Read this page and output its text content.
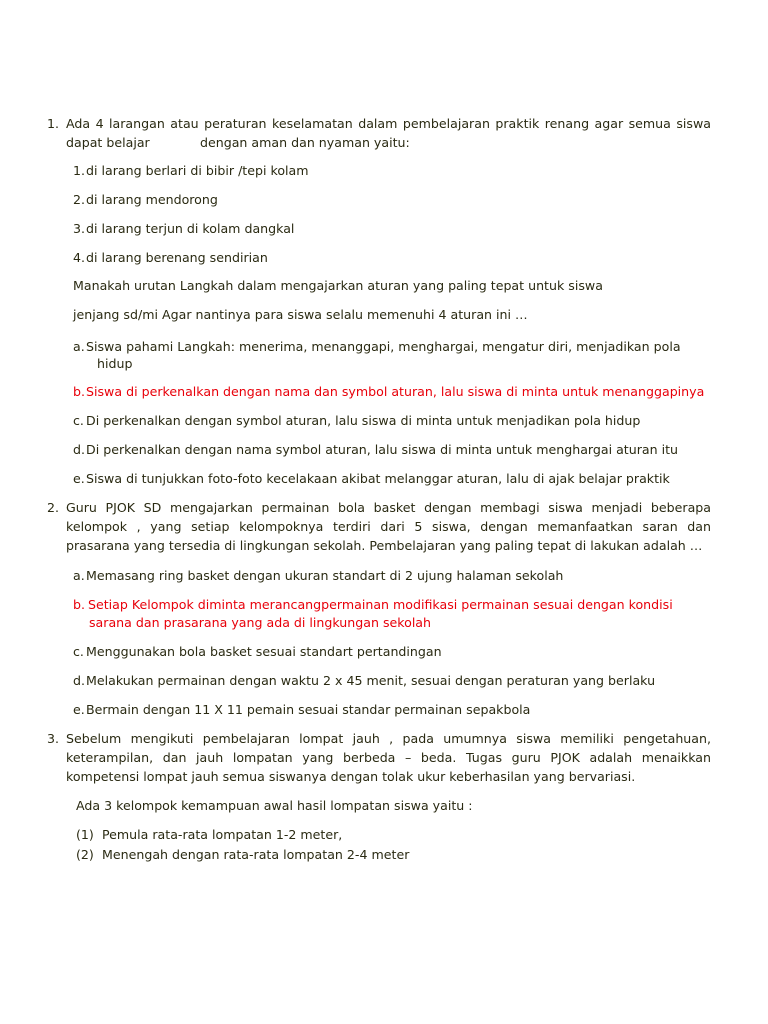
1. Ada 4 larangan atau peraturan keselamatan dalam pembelajaran praktik renang agar semua siswa
dapat belajar	dengan aman dan nyaman yaitu:
1. di larang berlari di bibir /tepi kolam
2. di larang mendorong
3. di larang terjun di kolam dangkal
4. di larang berenang sendirian
Manakah urutan Langkah dalam mengajarkan aturan yang paling tepat untuk siswa
jenjang sd/mi Agar nantinya para siswa selalu memenuhi 4 aturan ini …
a. Siswa pahami Langkah: menerima, menanggapi, menghargai, mengatur diri, menjadikan pola
hidup
b. Siswa di perkenalkan dengan nama dan symbol aturan, lalu siswa di minta untuk menanggapinya
c. Di perkenalkan dengan symbol aturan, lalu siswa di minta untuk menjadikan pola hidup
d. Di perkenalkan dengan nama symbol aturan, lalu siswa di minta untuk menghargai aturan itu
e. Siswa di tunjukkan foto-foto kecelakaan akibat melanggar aturan, lalu di ajak belajar praktik
2. Guru PJOK SD mengajarkan permainan bola basket dengan membagi siswa menjadi beberapa
kelompok , yang setiap kelompoknya terdiri dari 5 siswa, dengan memanfaatkan saran dan
prasarana yang tersedia di lingkungan sekolah. Pembelajaran yang paling tepat di lakukan adalah …
a. Memasang ring basket dengan ukuran standart di 2 ujung halaman sekolah
b. Setiap Kelompok diminta merancangpermainan modifikasi permainan sesuai dengan kondisi
sarana dan prasarana yang ada di lingkungan sekolah
c. Menggunakan bola basket sesuai standart pertandingan
d. Melakukan permainan dengan waktu 2 x 45 menit, sesuai dengan peraturan yang berlaku
e. Bermain dengan 11 X 11 pemain sesuai standar permainan sepakbola
3. Sebelum mengikuti pembelajaran lompat jauh , pada umumnya siswa memiliki pengetahuan,
keterampilan, dan jauh lompatan yang berbeda – beda. Tugas guru PJOK adalah menaikkan
kompetensi lompat jauh semua siswanya dengan tolak ukur keberhasilan yang bervariasi.
Ada 3 kelompok kemampuan awal hasil lompatan siswa yaitu :
(1) Pemula rata-rata lompatan 1-2 meter,
(2) Menengah dengan rata-rata lompatan 2-4 meter
